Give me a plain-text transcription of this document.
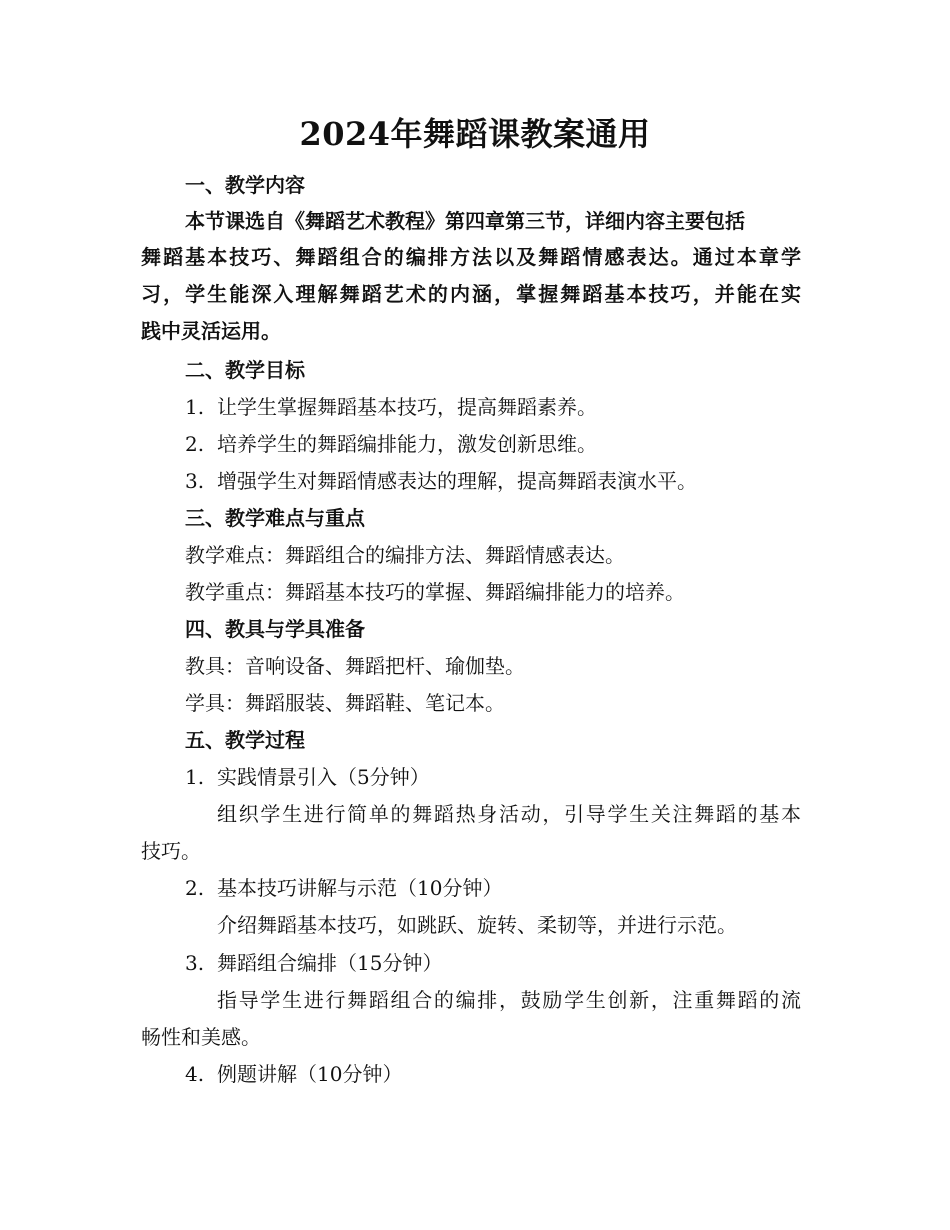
2024年舞蹈课教案通用
一、教学内容
本节课选自《舞蹈艺术教程》第四章第三节，详细内容主要包括
舞蹈基本技巧、舞蹈组合的编排方法以及舞蹈情感表达。通过本章学
习，学生能深入理解舞蹈艺术的内涵，掌握舞蹈基本技巧，并能在实
践中灵活运用。
二、教学目标
1. 让学生掌握舞蹈基本技巧，提高舞蹈素养。
2. 培养学生的舞蹈编排能力，激发创新思维。
3. 增强学生对舞蹈情感表达的理解，提高舞蹈表演水平。
三、教学难点与重点
教学难点：舞蹈组合的编排方法、舞蹈情感表达。
教学重点：舞蹈基本技巧的掌握、舞蹈编排能力的培养。
四、教具与学具准备
教具：音响设备、舞蹈把杆、瑜伽垫。
学具：舞蹈服装、舞蹈鞋、笔记本。
五、教学过程
1. 实践情景引入（5分钟）
组织学生进行简单的舞蹈热身活动，引导学生关注舞蹈的基本
技巧。
2. 基本技巧讲解与示范（10分钟）
介绍舞蹈基本技巧，如跳跃、旋转、柔韧等，并进行示范。
3. 舞蹈组合编排（15分钟）
指导学生进行舞蹈组合的编排，鼓励学生创新，注重舞蹈的流
畅性和美感。
4. 例题讲解（10分钟）
